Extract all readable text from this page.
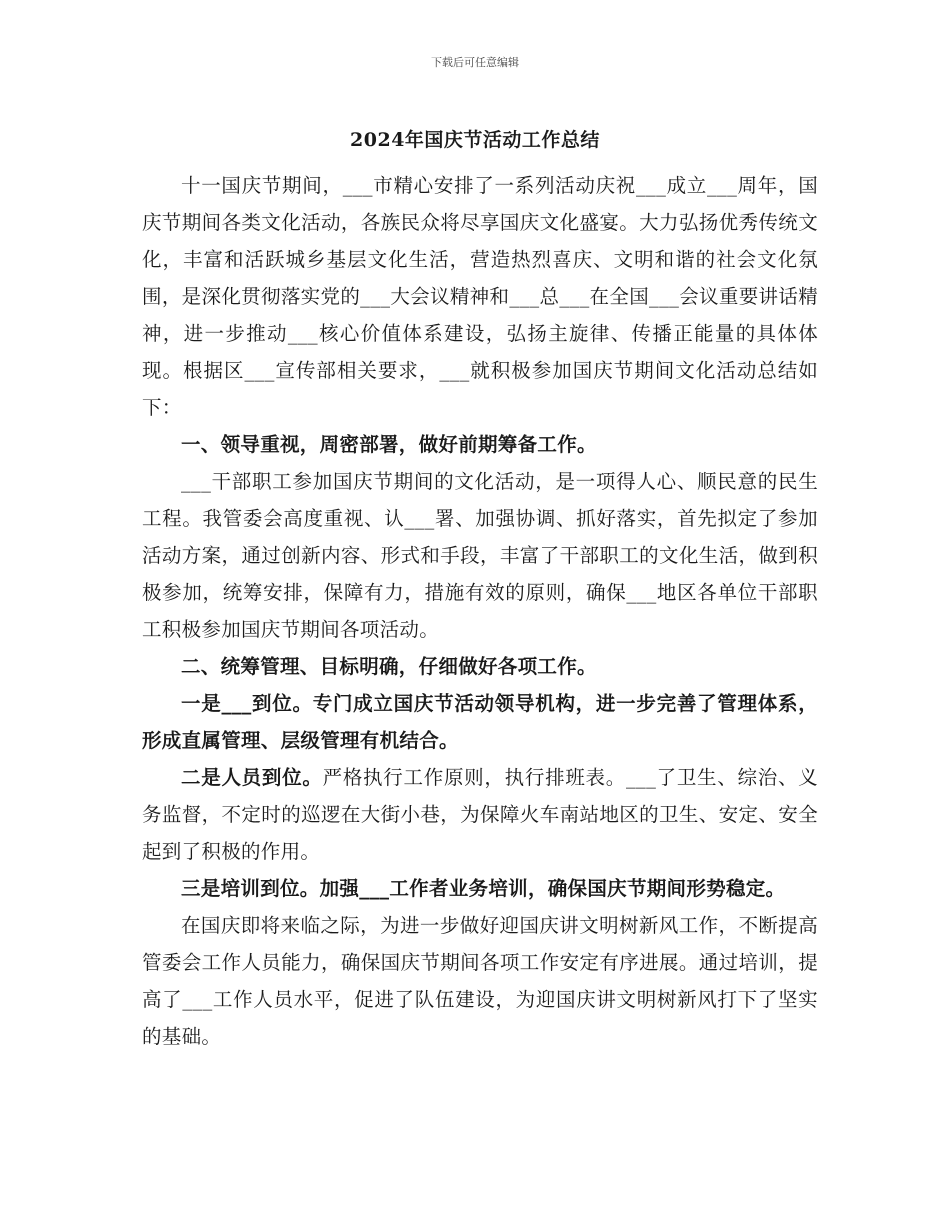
下载后可任意编辑
2024年国庆节活动工作总结

十一国庆节期间，___市精心安排了一系列活动庆祝___成立___周年，国庆节期间各类文化活动，各族民众将尽享国庆文化盛宴。大力弘扬优秀传统文化，丰富和活跃城乡基层文化生活，营造热烈喜庆、文明和谐的社会文化氛围，是深化贯彻落实党的___大会议精神和___总___在全国___会议重要讲话精神，进一步推动___核心价值体系建设，弘扬主旋律、传播正能量的具体体现。根据区___宣传部相关要求，___就积极参加国庆节期间文化活动总结如下：

一、领导重视，周密部署，做好前期筹备工作。

___干部职工参加国庆节期间的文化活动，是一项得人心、顺民意的民生工程。我管委会高度重视、认___署、加强协调、抓好落实，首先拟定了参加活动方案，通过创新内容、形式和手段，丰富了干部职工的文化生活，做到积极参加，统筹安排，保障有力，措施有效的原则，确保___地区各单位干部职工积极参加国庆节期间各项活动。

二、统筹管理、目标明确，仔细做好各项工作。

一是___到位。专门成立国庆节活动领导机构，进一步完善了管理体系，形成直属管理、层级管理有机结合。

二是人员到位。严格执行工作原则，执行排班表。___了卫生、综治、义务监督，不定时的巡逻在大街小巷，为保障火车南站地区的卫生、安定、安全起到了积极的作用。

三是培训到位。加强___工作者业务培训，确保国庆节期间形势稳定。

在国庆即将来临之际，为进一步做好迎国庆讲文明树新风工作，不断提高管委会工作人员能力，确保国庆节期间各项工作安定有序进展。通过培训，提高了___工作人员水平，促进了队伍建设，为迎国庆讲文明树新风打下了坚实的基础。
